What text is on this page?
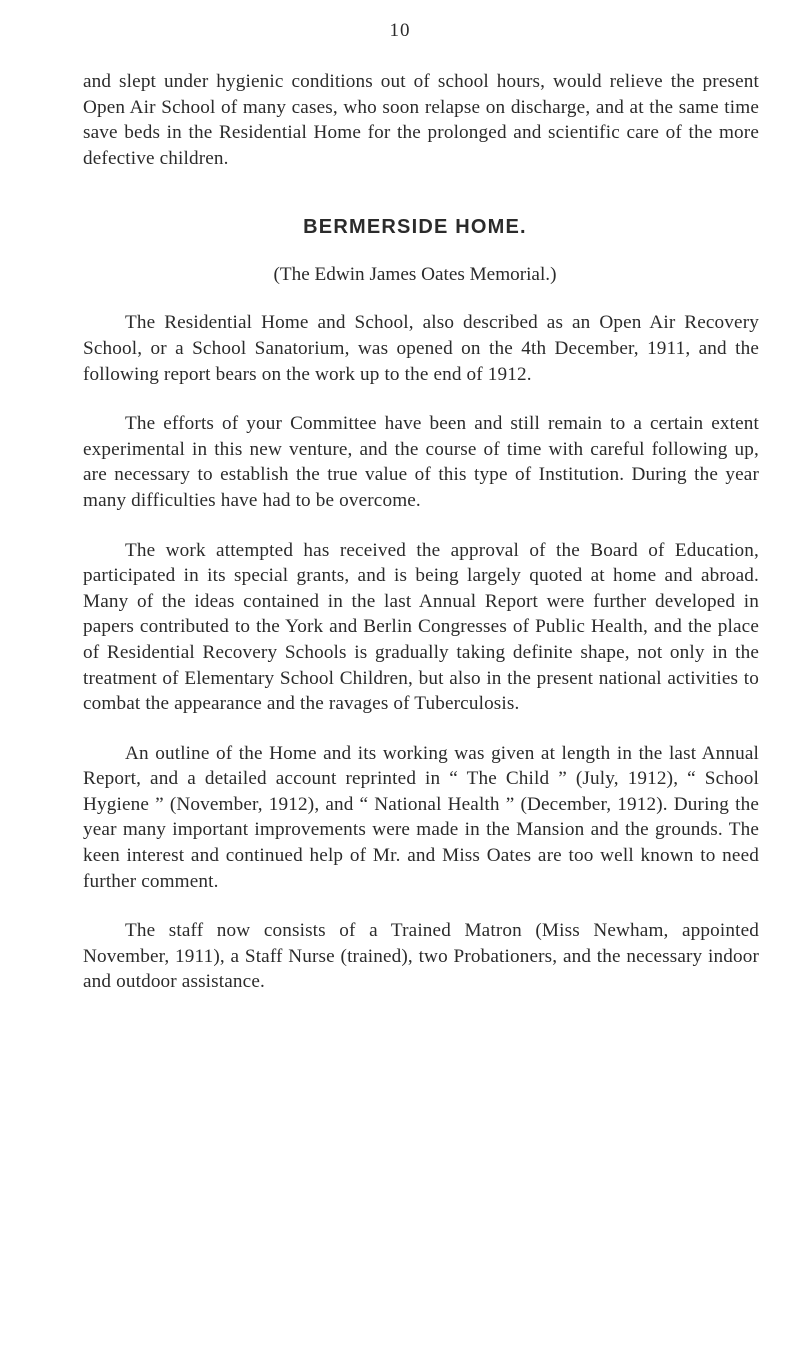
10

and slept under hygienic conditions out of school hours, would relieve the present Open Air School of many cases, who soon relapse on discharge, and at the same time save beds in the Residential Home for the prolonged and scientific care of the more defective children.

BERMERSIDE HOME.
(The Edwin James Oates Memorial.)

The Residential Home and School, also described as an Open Air Recovery School, or a School Sanatorium, was opened on the 4th December, 1911, and the following report bears on the work up to the end of 1912.

The efforts of your Committee have been and still remain to a certain extent experimental in this new venture, and the course of time with careful following up, are necessary to establish the true value of this type of Institution. During the year many difficulties have had to be overcome.

The work attempted has received the approval of the Board of Education, participated in its special grants, and is being largely quoted at home and abroad. Many of the ideas contained in the last Annual Report were further developed in papers contributed to the York and Berlin Congresses of Public Health, and the place of Residential Recovery Schools is gradually taking definite shape, not only in the treatment of Elementary School Children, but also in the present national activities to combat the appearance and the ravages of Tuberculosis.

An outline of the Home and its working was given at length in the last Annual Report, and a detailed account reprinted in “ The Child ” (July, 1912), “ School Hygiene ” (November, 1912), and “ National Health ” (December, 1912). During the year many important improvements were made in the Mansion and the grounds. The keen interest and continued help of Mr. and Miss Oates are too well known to need further comment.

The staff now consists of a Trained Matron (Miss Newham, appointed November, 1911), a Staff Nurse (trained), two Probationers, and the necessary indoor and outdoor assistance.
